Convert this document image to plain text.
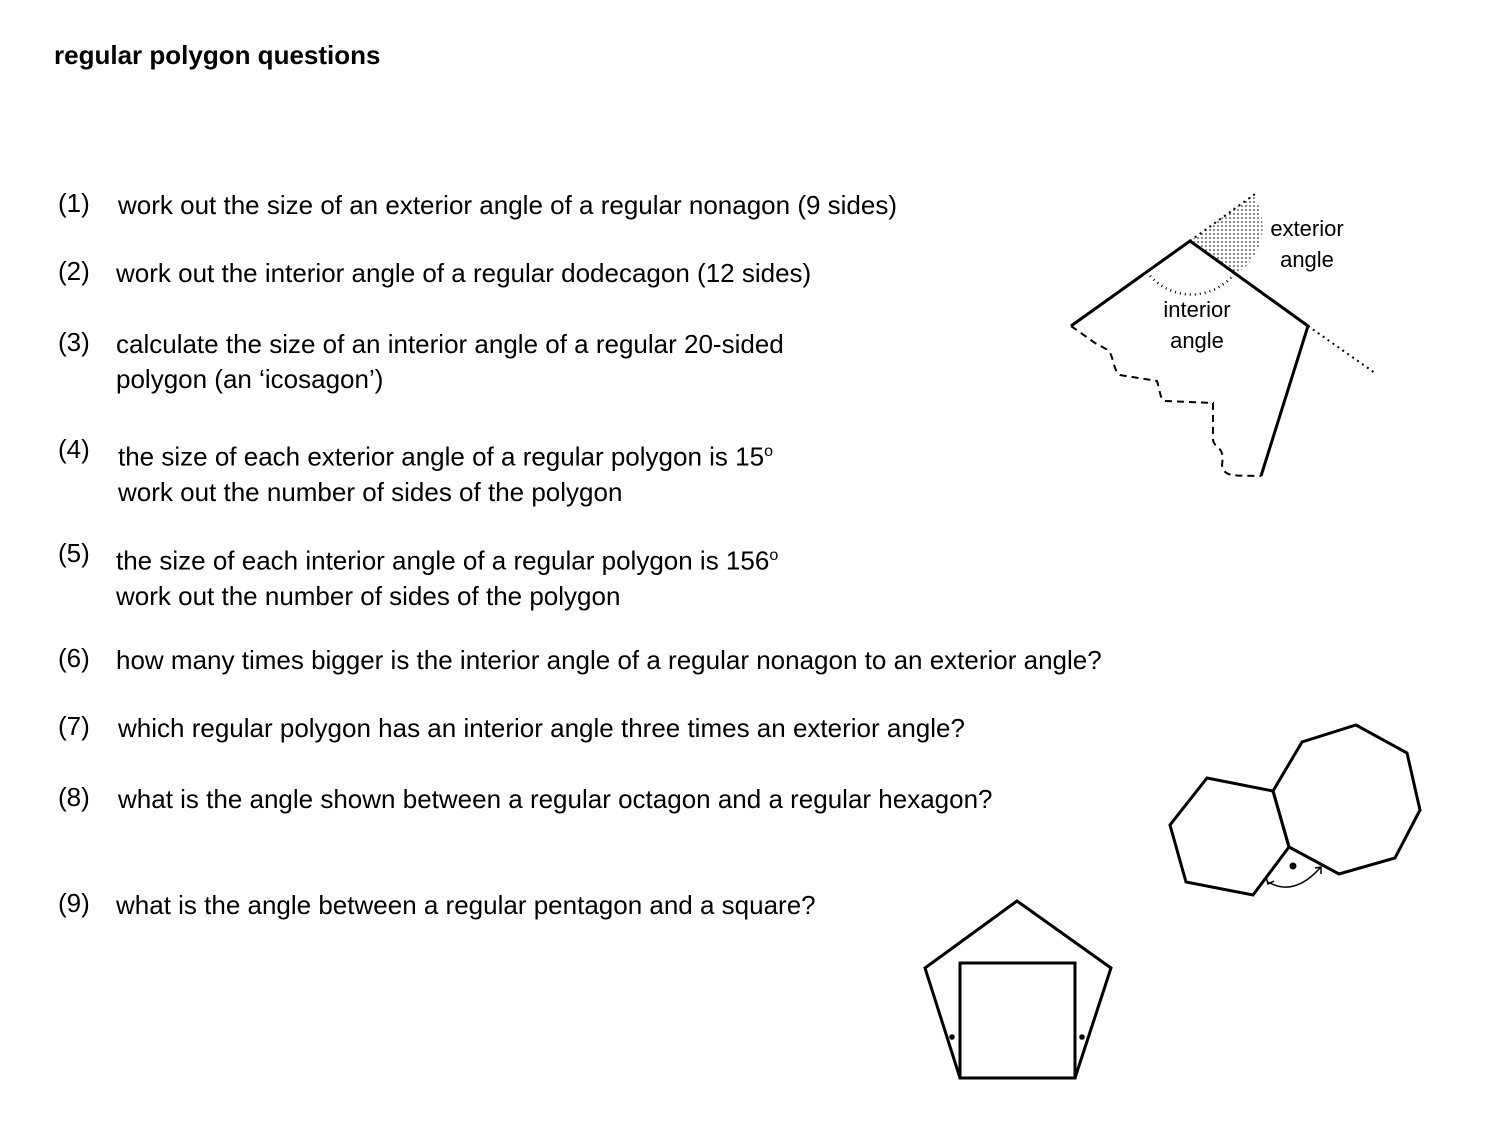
regular polygon questions
(1) work out the size of an exterior angle of a regular nonagon (9 sides)
(2) work out the interior angle of a regular dodecagon (12 sides)
(3) calculate the size of an interior angle of a regular 20-sided
polygon (an ‘icosagon’)
(4) the size of each exterior angle of a regular polygon is 15$^o$
work out the number of sides of the polygon
(5) the size of each interior angle of a regular polygon is 156$^o$
work out the number of sides of the polygon
(6) how many times bigger is the interior angle of a regular nonagon to an exterior angle?
(7) which regular polygon has an interior angle three times an exterior angle?
(8) what is the angle shown between a regular octagon and a regular hexagon?
(9) what is the angle between a regular pentagon and a square?
exterior
angle
interior
angle
